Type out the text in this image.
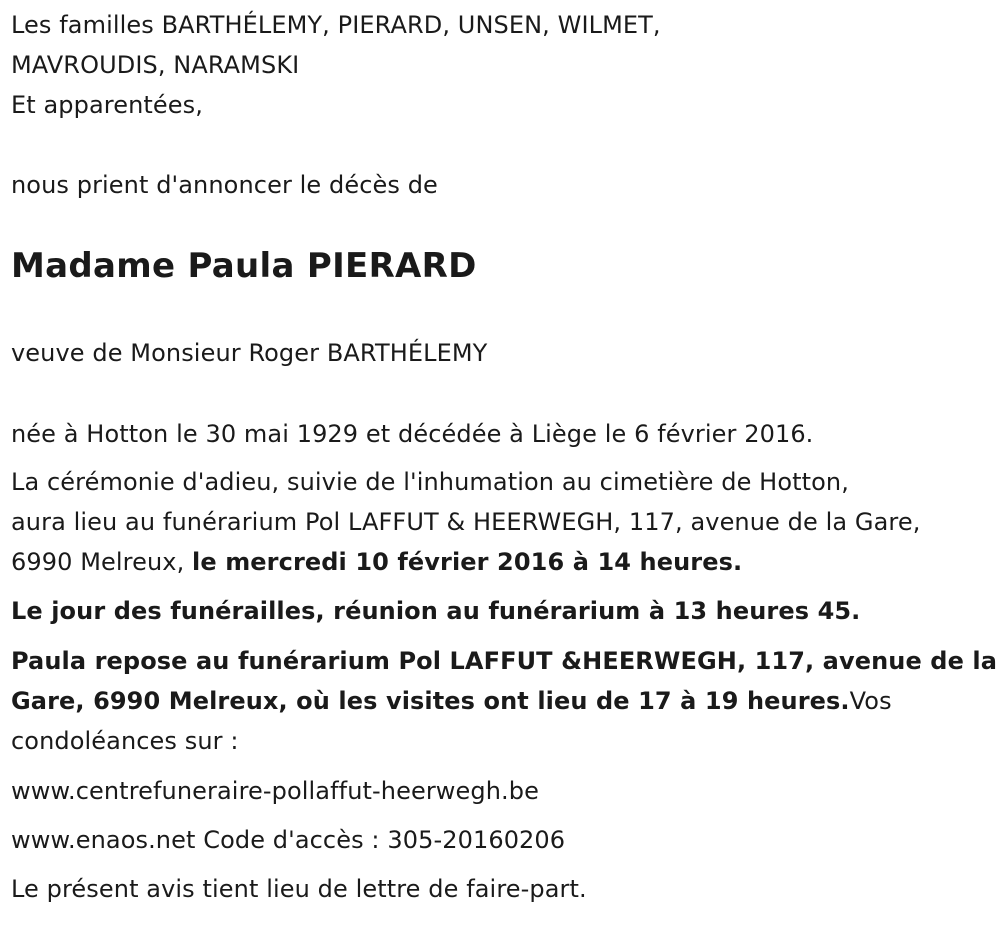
Les familles BARTHÉLEMY, PIERARD, UNSEN, WILMET,

MAVROUDIS, NARAMSKI

Et apparentées,

nous prient d'annoncer le décès de

Madame Paula PIERARD

veuve de Monsieur Roger BARTHÉLEMY

née à Hotton le 30 mai 1929 et décédée à Liège le 6 février 2016.

La cérémonie d'adieu, suivie de l'inhumation au cimetière de Hotton,

aura lieu au funérarium Pol LAFFUT & HEERWEGH, 117, avenue de la Gare,

6990 Melreux, le mercredi 10 février 2016 à 14 heures.

Le jour des funérailles, réunion au funérarium à 13 heures 45.

Paula repose au funérarium Pol LAFFUT &HEERWEGH, 117, avenue de la

Gare, 6990 Melreux, où les visites ont lieu de 17 à 19 heures.Vos

condoléances sur :

www.centrefuneraire-pollaffut-heerwegh.be

www.enaos.net Code d'accès : 305-20160206

Le présent avis tient lieu de lettre de faire-part.
